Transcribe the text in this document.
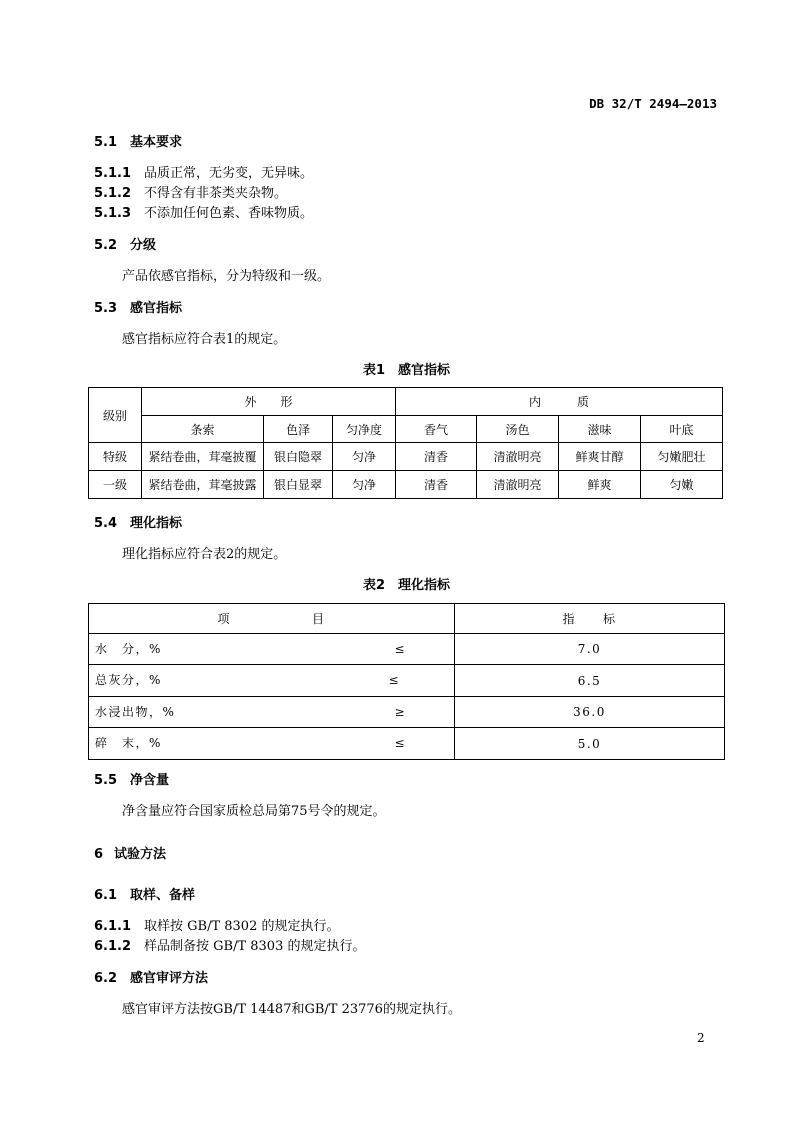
DB 32/T 2494—2013
5.1 基本要求
5.1.1 品质正常，无劣变，无异味。
5.1.2 不得含有非茶类夹杂物。
5.1.3 不添加任何色素、香味物质。
5.2 分级
产品依感官指标，分为特级和一级。
5.3 感官指标
感官指标应符合表1的规定。
表1　感官指标
级别	外　　形			内　　　质			
	条索	色泽	匀净度	香气	汤色	滋味	叶底
特级	紧结卷曲，茸毫披覆	银白隐翠	匀净	清香	清澈明亮	鲜爽甘醇	匀嫩肥壮
一级	紧结卷曲，茸毫披露	银白显翠	匀净	清香	清澈明亮	鲜爽	匀嫩
5.4 理化指标
理化指标应符合表2的规定。
表2　理化指标
项　　　　　　目	指　　标
水　分，% ≤	7.0
总灰分，% ≤	6.5
水浸出物，% ≥	36.0
碎　末，% ≤	5.0
5.5 净含量
净含量应符合国家质检总局第75号令的规定。
6 试验方法
6.1 取样、备样
6.1.1 取样按 GB/T 8302 的规定执行。
6.1.2 样品制备按 GB/T 8303 的规定执行。
6.2 感官审评方法
感官审评方法按GB/T 14487和GB/T 23776的规定执行。
2
